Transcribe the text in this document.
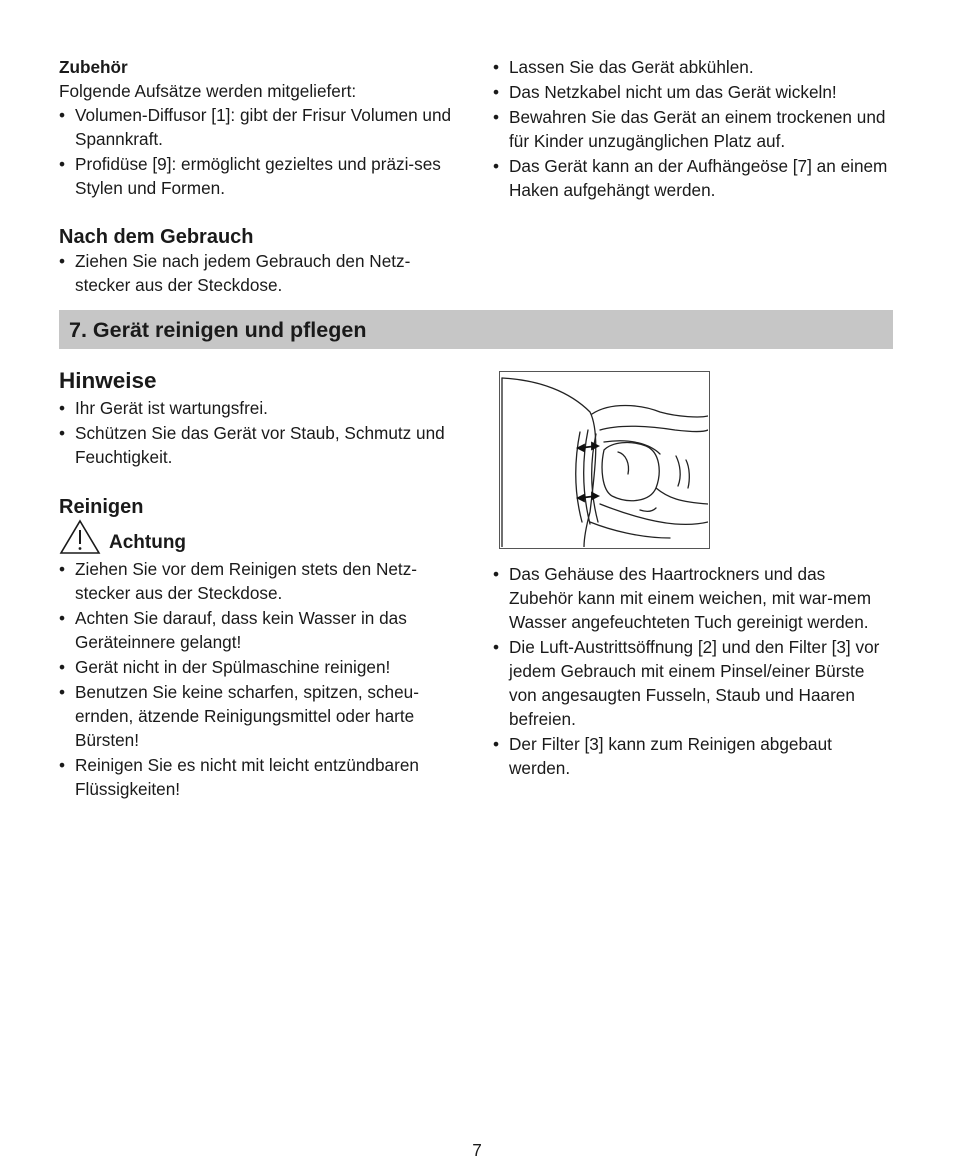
Zubehör
Folgende Aufsätze werden mitgeliefert:
• Volumen-Diffusor [1]: gibt der Frisur Volumen und Spannkraft.
• Profidüse [9]: ermöglicht gezieltes und präzi-ses Stylen und Formen.
Nach dem Gebrauch
• Ziehen Sie nach jedem Gebrauch den Netz-stecker aus der Steckdose.
• Lassen Sie das Gerät abkühlen.
• Das Netzkabel nicht um das Gerät wickeln!
• Bewahren Sie das Gerät an einem trockenen und für Kinder unzugänglichen Platz auf.
• Das Gerät kann an der Aufhängeöse [7] an einem Haken aufgehängt werden.
7. Gerät reinigen und pflegen
Hinweise
• Ihr Gerät ist wartungsfrei.
• Schützen Sie das Gerät vor Staub, Schmutz und Feuchtigkeit.
Reinigen
Achtung
• Ziehen Sie vor dem Reinigen stets den Netz-stecker aus der Steckdose.
• Achten Sie darauf, dass kein Wasser in das Geräteinnere gelangt!
• Gerät nicht in der Spülmaschine reinigen!
• Benutzen Sie keine scharfen, spitzen, scheu-ernden, ätzende Reinigungsmittel oder harte Bürsten!
• Reinigen Sie es nicht mit leicht entzündbaren Flüssigkeiten!
• Das Gehäuse des Haartrockners und das Zubehör kann mit einem weichen, mit war-mem Wasser angefeuchteten Tuch gereinigt werden.
• Die Luft-Austrittsöffnung [2] und den Filter [3] vor jedem Gebrauch mit einem Pinsel/einer Bürste von angesaugten Fusseln, Staub und Haaren befreien.
• Der Filter [3] kann zum Reinigen abgebaut werden.
7
